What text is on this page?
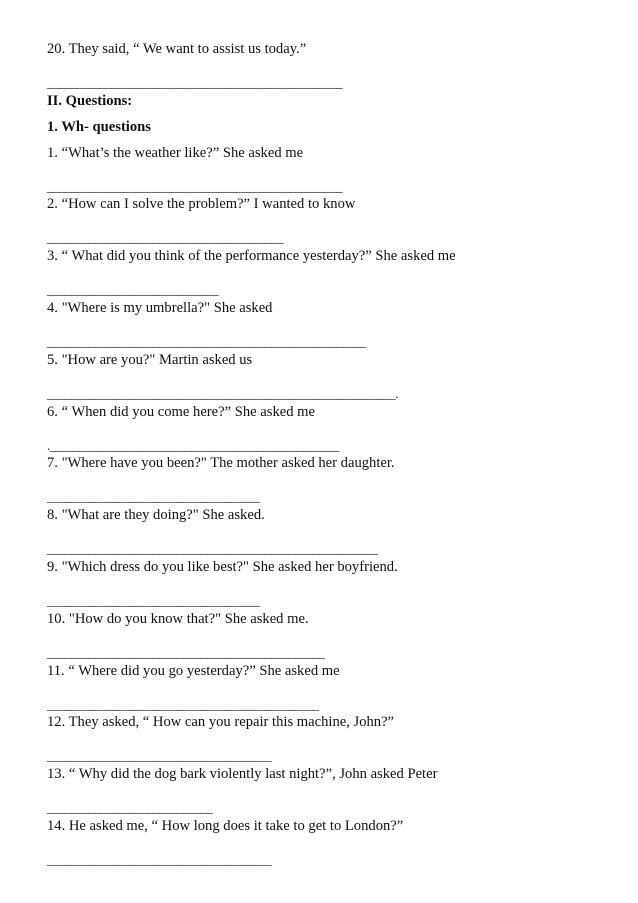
20. They said, “ We want to assist us today.”
__________________________________________________
II. Questions:
1. Wh- questions
1. “What’s the weather like?” She asked me
__________________________________________________
2. “How can I solve the problem?” I wanted to know
________________________________________
3. “ What did you think of the performance yesterday?” She asked me
_____________________________
4. "Where is my umbrella?" She asked
______________________________________________________
5. "How are you?" Martin asked us
___________________________________________________________.
6. “ When did you come here?” She asked me
._________________________________________________
7. "Where have you been?" The mother asked her daughter.
____________________________________
8. "What are they doing?" She asked.
________________________________________________________
9. "Which dress do you like best?" She asked her boyfriend.
____________________________________
10. "How do you know that?" She asked me.
_______________________________________________
11. “ Where did you go yesterday?” She asked me
______________________________________________
12. They asked, “ How can you repair this machine, John?”
______________________________________
13. “ Why did the dog bark violently last night?”, John asked Peter
____________________________
14. He asked me, “ How long does it take to get to London?”
______________________________________
